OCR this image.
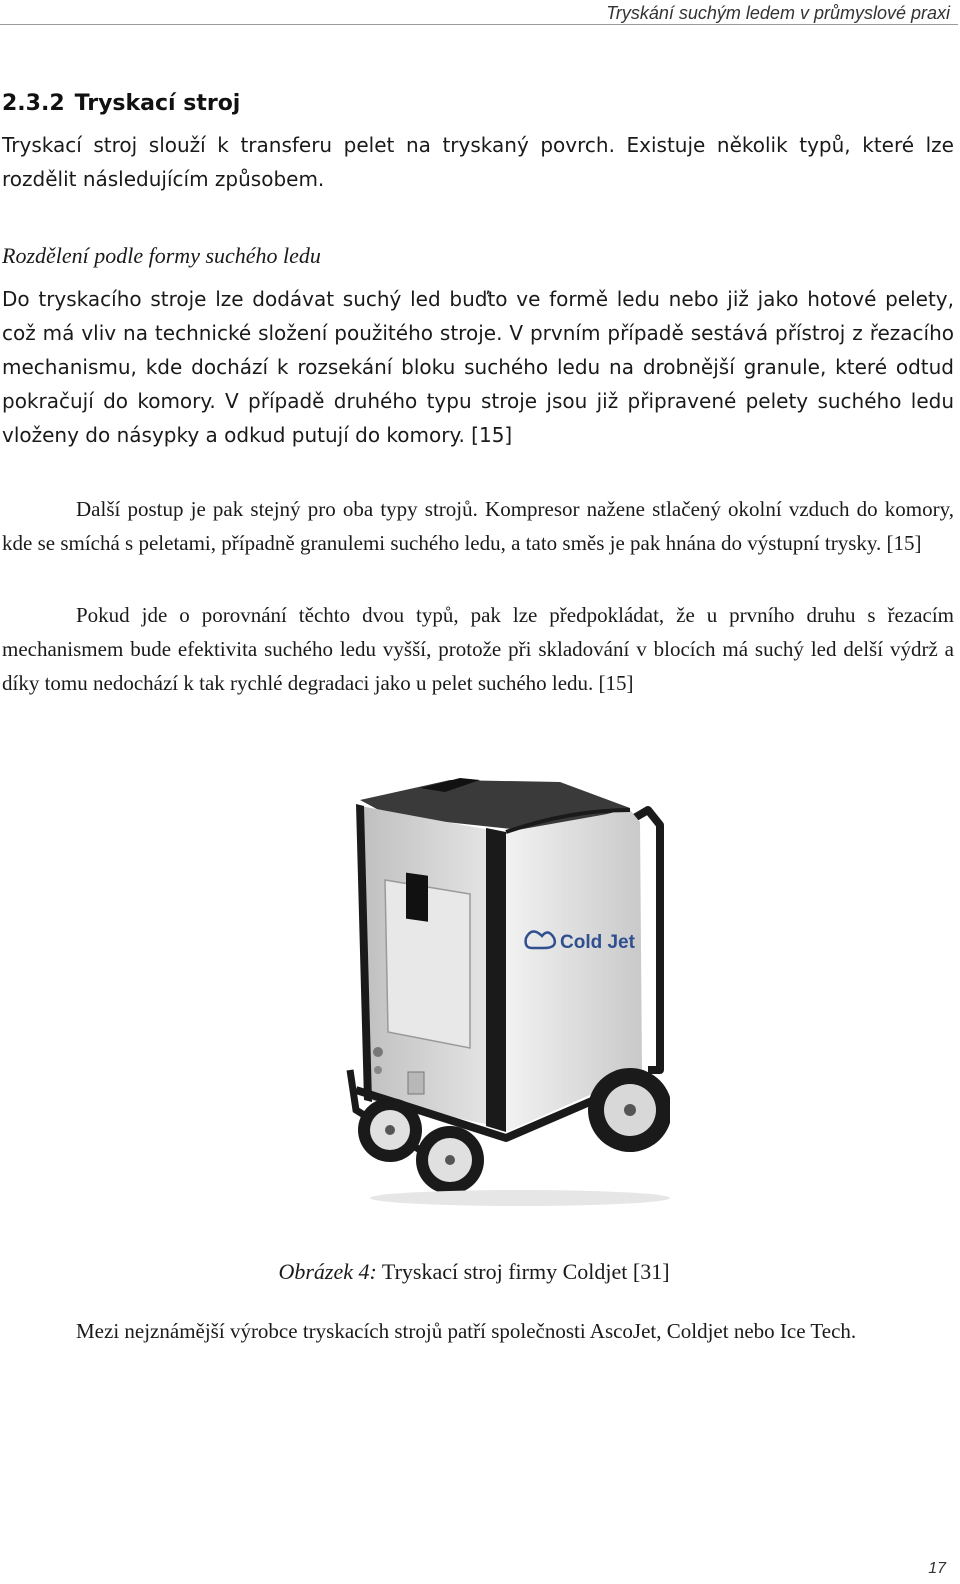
Tryskání suchým ledem v průmyslové praxi
2.3.2 Tryskací stroj
Tryskací stroj slouží k transferu pelet na tryskaný povrch. Existuje několik typů, které lze rozdělit následujícím způsobem.
Rozdělení podle formy suchého ledu
Do tryskacího stroje lze dodávat suchý led buďto ve formě ledu nebo již jako hotové pelety, což má vliv na technické složení použitého stroje. V prvním případě sestává přístroj z řezacího mechanismu, kde dochází k rozsekání bloku suchého ledu na drobnější granule, které odtud pokračují do komory. V případě druhého typu stroje jsou již připravené pelety suchého ledu vloženy do násypky a odkud putují do komory. [15]
Další postup je pak stejný pro oba typy strojů. Kompresor nažene stlačený okolní vzduch do komory, kde se smíchá s peletami, případně granulemi suchého ledu, a tato směs je pak hnána do výstupní trysky. [15]
Pokud jde o porovnání těchto dvou typů, pak lze předpokládat, že u prvního druhu s řezacím mechanismem bude efektivita suchého ledu vyšší, protože při skladování v blocích má suchý led delší výdrž a díky tomu nedochází k tak rychlé degradaci jako u pelet suchého ledu. [15]
Cold Jet
Obrázek 4: Tryskací stroj firmy Coldjet [31]
Mezi nejznámější výrobce tryskacích strojů patří společnosti AscoJet, Coldjet nebo Ice Tech.
17
